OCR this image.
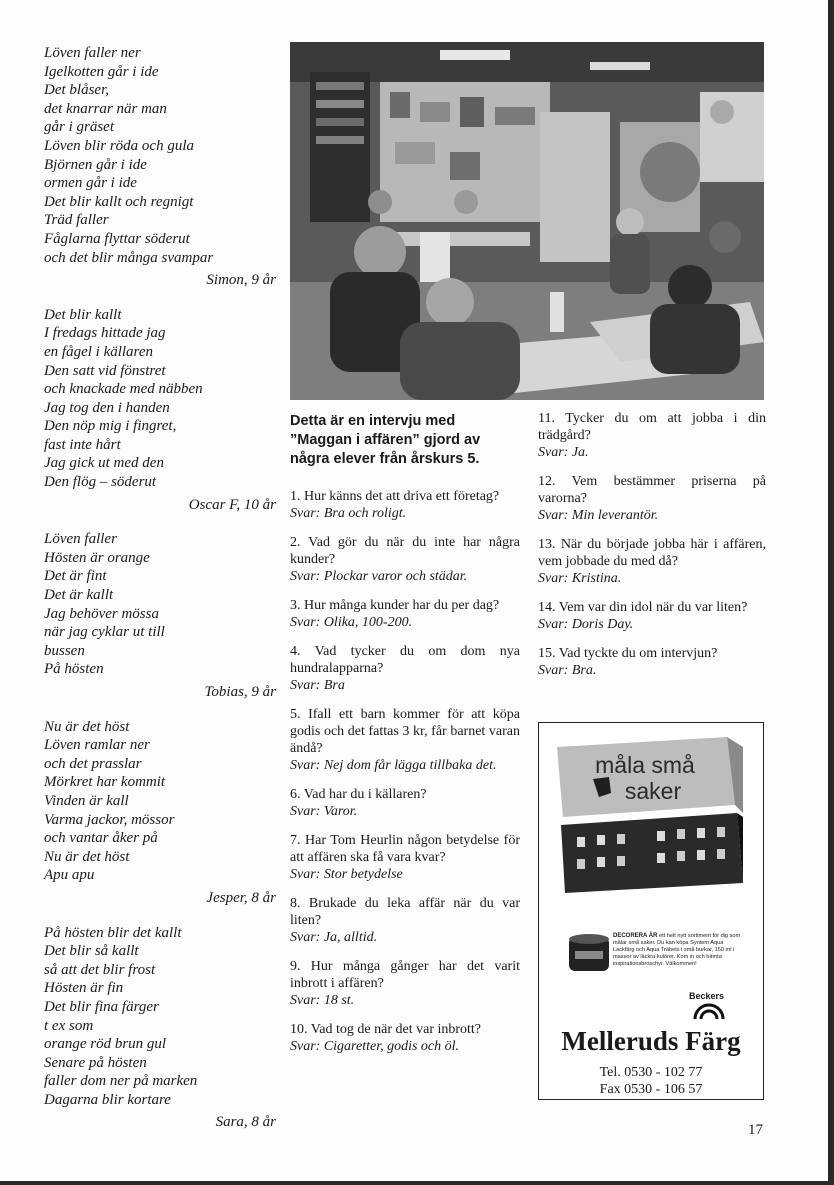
Löven faller ner
Igelkotten går i ide
Det blåser,
det knarrar när man
går i gräset
Löven blir röda och gula
Björnen går i ide
ormen går i ide
Det blir kallt och regnigt
Träd faller
Fåglarna flyttar söderut
och det blir många svampar
Simon, 9 år
Det blir kallt
I fredags hittade jag
en fågel i källaren
Den satt vid fönstret
och knackade med näbben
Jag tog den i handen
Den nöp mig i fingret,
fast inte hårt
Jag gick ut med den
Den flög – söderut
Oscar F, 10 år
Löven faller
Hösten är orange
Det är fint
Det är kallt
Jag behöver mössa
när jag cyklar ut till
bussen
På hösten
Tobias, 9 år
Nu är det höst
Löven ramlar ner
och det prasslar
Mörkret har kommit
Vinden är kall
Varma jackor, mössor
och vantar åker på
Nu är det höst
Apu apu
Jesper, 8 år
På hösten blir det kallt
Det blir så kallt
så att det blir frost
Hösten är fin
Det blir fina färger
t ex som
orange röd brun gul
Senare på hösten
faller dom ner på marken
Dagarna blir kortare
Sara, 8 år
Detta är en intervju med ”Maggan i affären” gjord av några elever från årskurs 5.
1. Hur känns det att driva ett företag?
Svar: Bra och roligt.
2. Vad gör du när du inte har några kunder?
Svar: Plockar varor och städar.
3. Hur många kunder har du per dag?
Svar: Olika, 100-200.
4. Vad tycker du om dom nya hundralapparna?
Svar: Bra
5. Ifall ett barn kommer för att köpa godis och det fattas 3 kr, får barnet varan ändå?
Svar: Nej dom får lägga tillbaka det.
6. Vad har du i källaren?
Svar: Varor.
7. Har Tom Heurlin någon betydelse för att affären ska få vara kvar?
Svar: Stor betydelse
8. Brukade du leka affär när du var liten?
Svar: Ja, alltid.
9. Hur många gånger har det varit inbrott i affären?
Svar: 18 st.
10. Vad tog de när det var inbrott?
Svar: Cigaretter, godis och öl.
11. Tycker du om att jobba i din trädgård?
Svar: Ja.
12. Vem bestämmer priserna på varorna?
Svar: Min leverantör.
13. När du började jobba här i affären, vem jobbade du med då?
Svar: Kristina.
14. Vem var din idol när du var liten?
Svar: Doris Day.
15. Vad tyckte du om intervjun?
Svar: Bra.
måla små
saker
DECORERA ÄR ett helt nytt sortiment för dig som målar små saker. Du kan köpa Syntem Aqua Lackfärg och Aqua Träbets i små burkar, 150 ml i massor av läckra kulörer. Kom in och hämta inspirationsbroschyr. Välkommen!
Beckers
Melleruds Färg
Tel. 0530 - 102 77
Fax 0530 - 106 57
17
